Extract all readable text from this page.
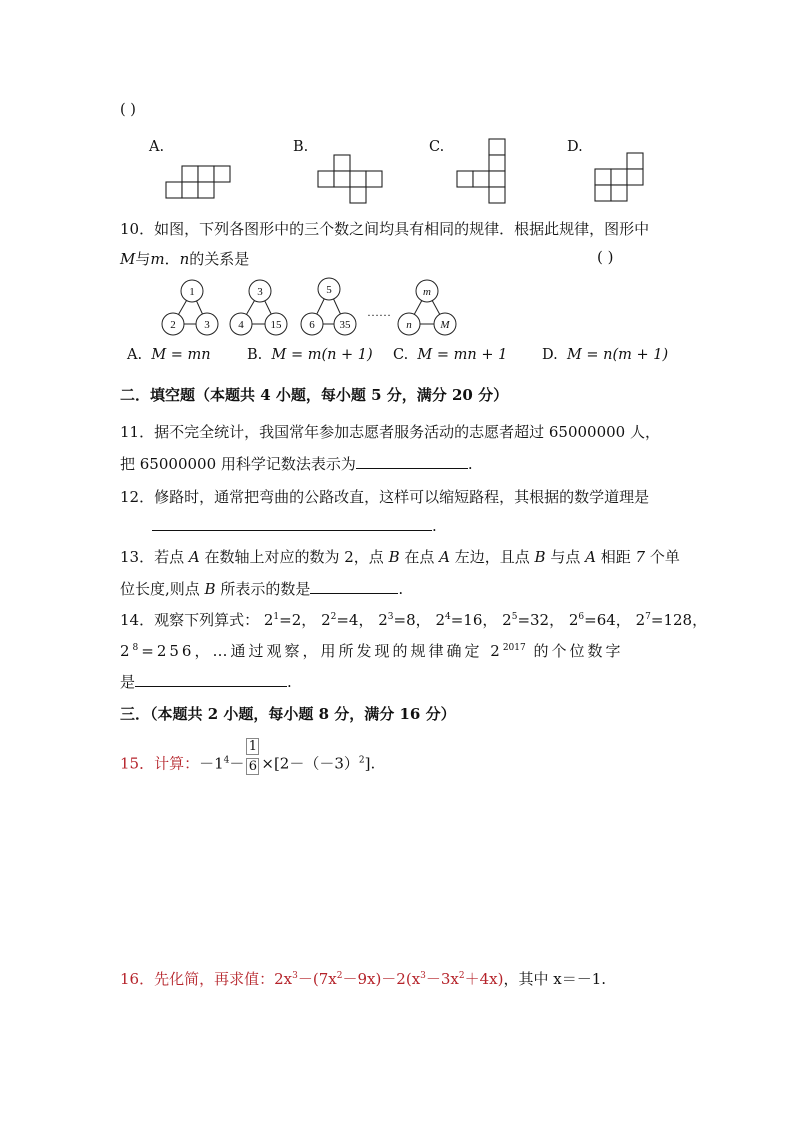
( )
A.	B.	C.	D.
10．如图，下列各图形中的三个数之间均具有相同的规律．根据此规律，图形中
M与m．n的关系是	( )
1
2	3
3
4 15
5
6 35
m
n	M
……
A. M = mn	B. M = m(n + 1) C. M = mn + 1 D. M = n(m + 1)
二．填空题（本题共 4 小题，每小题 5 分，满分 20 分）
11．据不完全统计，我国常年参加志愿者服务活动的志愿者超过 65000000 人，
把 65000000 用科学记数法表示为	.
12．修路时，通常把弯曲的公路改直，这样可以缩短路程，其根据的数学道理是
.
13．若点 A 在数轴上对应的数为 2，点 B 在点 A 左边，且点 B 与点 A 相距 7 个单
位长度,则点 B 所表示的数是	.
14．观察下列算式： $2^1=2$， $2^2=4$， $2^3=8$， $2^4=16$， $2^5=32$， $2^6=64$， $2^7=128$，
$2^8=256$，…通过观察，用所发现的规律确定 $2^{2017}$ 的个位数字
是	.
三．（本题共 2 小题，每小题 8 分，满分 16 分）
15．计算：$-1^4- \frac{1}{6} \times[2-(-3)^2]$.
16．先化简，再求值：$2x^3-(7x^2-9x)-2(x^3-3x^2+4x)$，其中 x＝－1.
